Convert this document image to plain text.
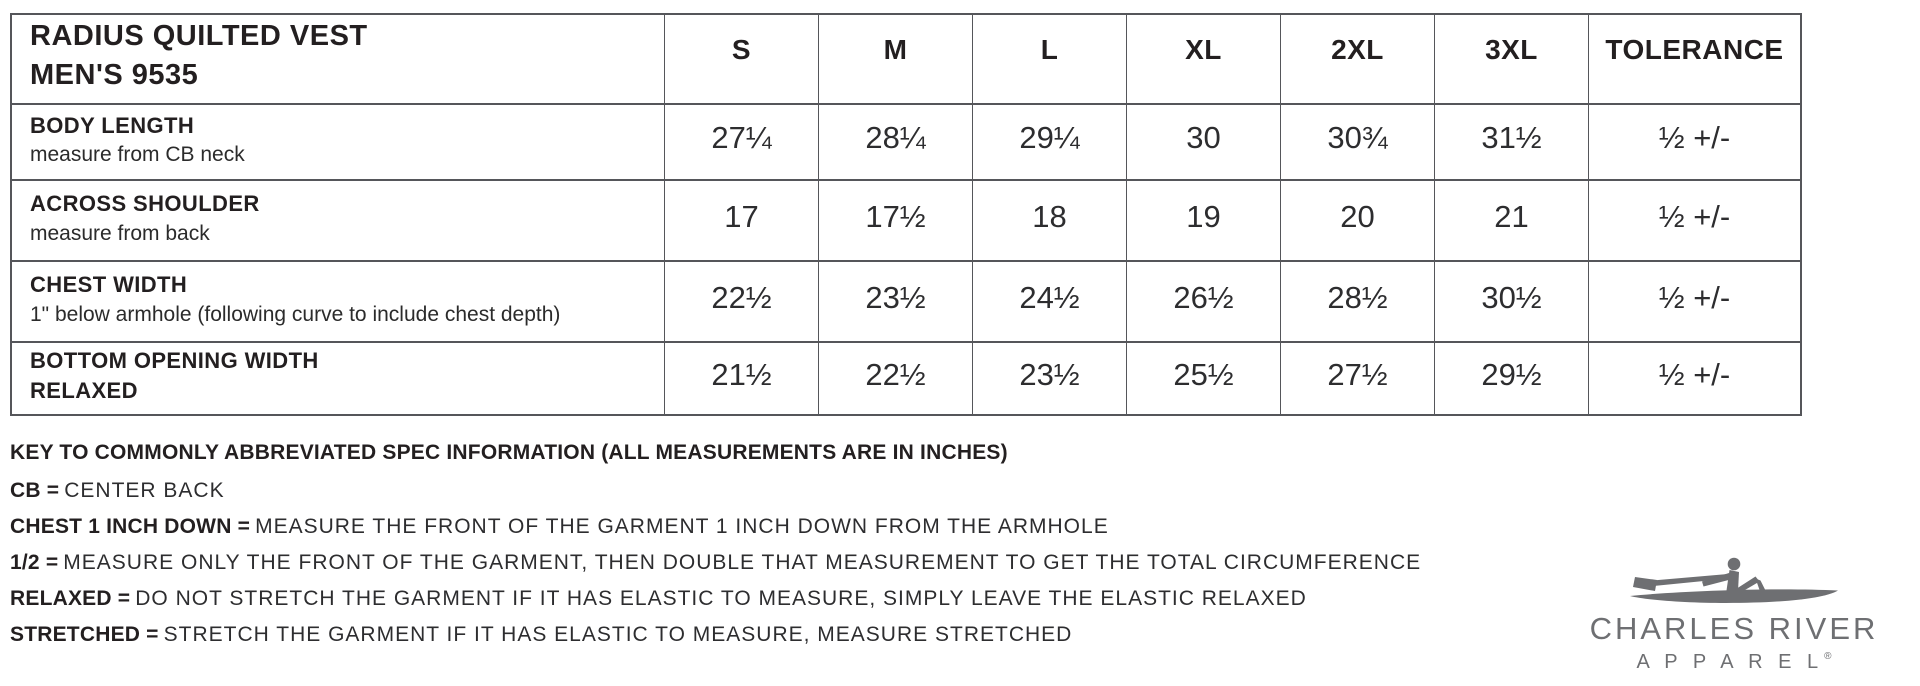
RADIUS QUILTED VEST
MEN'S 9535
S	M	L	XL	2XL	3XL	TOLERANCE
BODY LENGTH
measure from CB neck	27¼	28¼	29¼	30	30¾	31½	½ +/-
ACROSS SHOULDER
measure from back	17	17½	18	19	20	21	½ +/-
CHEST WIDTH
1" below armhole (following curve to include chest depth)	22½	23½	24½	26½	28½	30½	½ +/-
BOTTOM OPENING WIDTH
RELAXED	21½	22½	23½	25½	27½	29½	½ +/-
KEY TO COMMONLY ABBREVIATED SPEC INFORMATION (ALL MEASUREMENTS ARE IN INCHES)
CB = CENTER BACK
CHEST 1 INCH DOWN = MEASURE THE FRONT OF THE GARMENT 1 INCH DOWN FROM THE ARMHOLE
1/2 = MEASURE ONLY THE FRONT OF THE GARMENT, THEN DOUBLE THAT MEASUREMENT TO GET THE TOTAL CIRCUMFERENCE
RELAXED = DO NOT STRETCH THE GARMENT IF IT HAS ELASTIC TO MEASURE, SIMPLY LEAVE THE ELASTIC RELAXED
STRETCHED = STRETCH THE GARMENT IF IT HAS ELASTIC TO MEASURE, MEASURE STRETCHED	CHARLES RIVER
A P P A R E L®
